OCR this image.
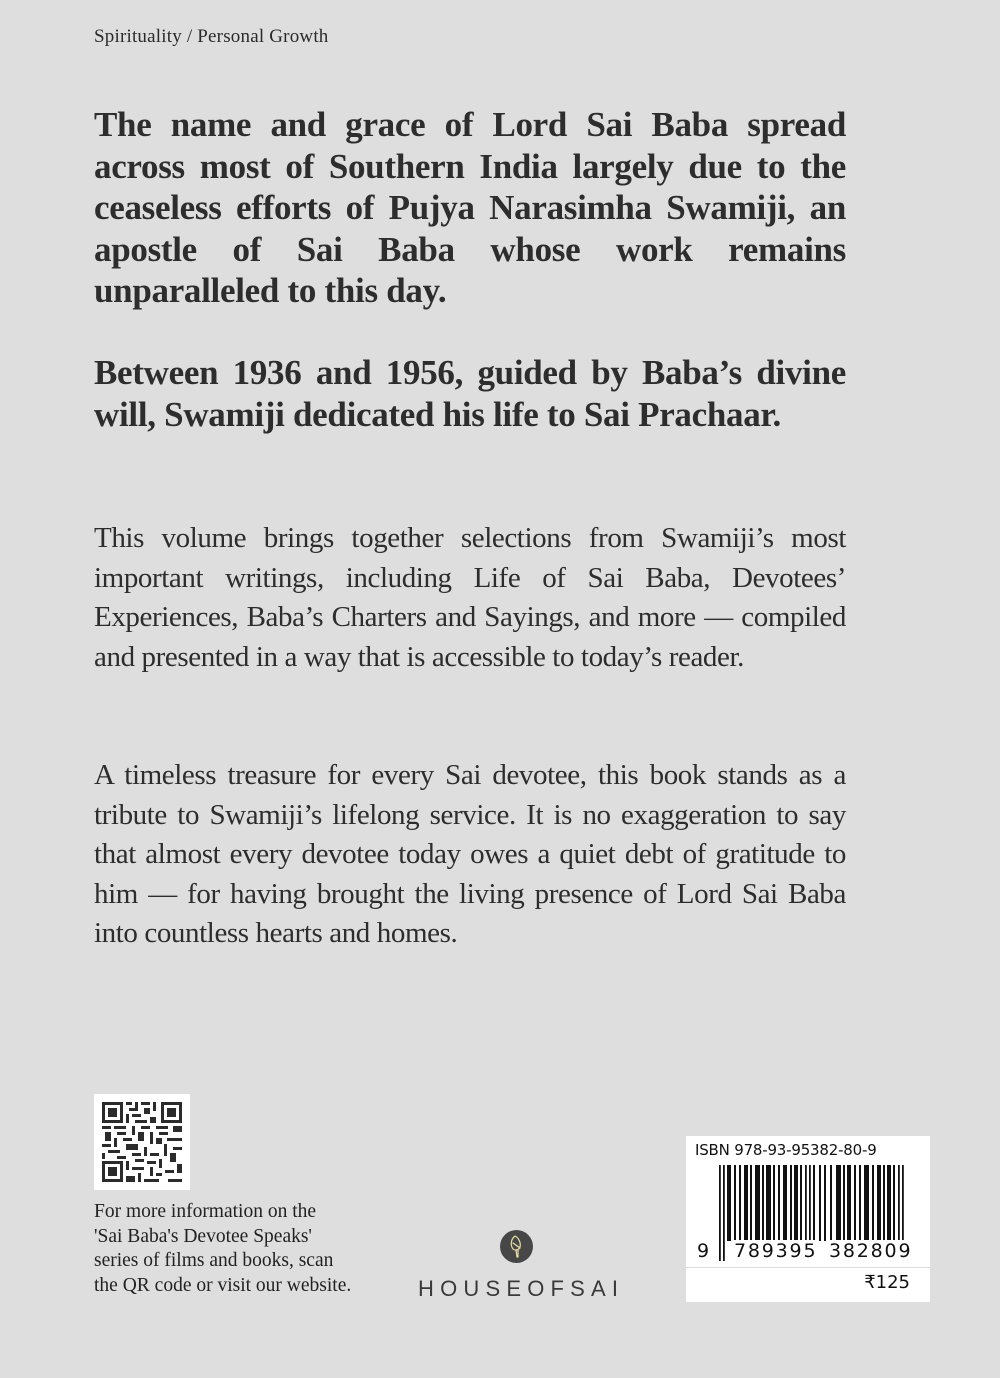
Spirituality / Personal Growth
The name and grace of Lord Sai Baba spread across most of Southern India largely due to the ceaseless efforts of Pujya Narasimha Swamiji, an apostle of Sai Baba whose work remains unparalleled to this day.
Between 1936 and 1956, guided by Baba’s divine will, Swamiji dedicated his life to Sai Prachaar.
This volume brings together selections from Swamiji’s most important writings, including Life of Sai Baba, Devotees’ Experiences, Baba’s Charters and Sayings, and more — compiled and presented in a way that is accessible to today’s reader.
A timeless treasure for every Sai devotee, this book stands as a tribute to Swamiji’s lifelong service. It is no exaggeration to say that almost every devotee today owes a quiet debt of gratitude to him — for having brought the living presence of Lord Sai Baba into countless hearts and homes.
For more information on the
'Sai Baba's Devotee Speaks'
series of films and books, scan
the QR code or visit our website.	HOUSEOFSAI
ISBN 978-93-95382-80-9
9 789395 382809
₹125
